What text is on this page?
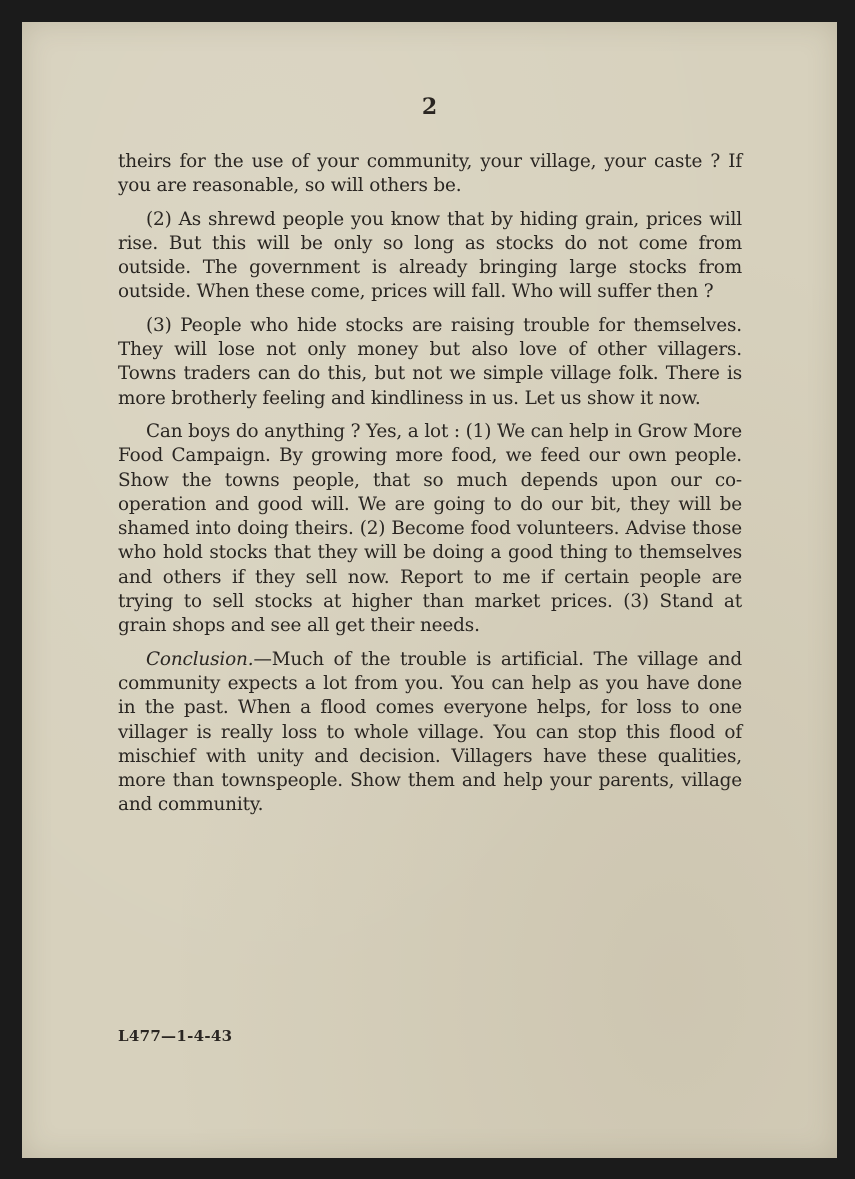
2

theirs for the use of your community, your village, your caste ? If you are reasonable, so will others be.

(2) As shrewd people you know that by hiding grain, prices will rise. But this will be only so long as stocks do not come from outside. The government is already bringing large stocks from outside. When these come, prices will fall. Who will suffer then ?

(3) People who hide stocks are raising trouble for themselves. They will lose not only money but also love of other villagers. Towns traders can do this, but not we simple village folk. There is more brotherly feeling and kindliness in us. Let us show it now.

Can boys do anything ? Yes, a lot : (1) We can help in Grow More Food Campaign. By growing more food, we feed our own people. Show the towns people, that so much depends upon our co-operation and good will. We are going to do our bit, they will be shamed into doing theirs. (2) Become food volunteers. Advise those who hold stocks that they will be doing a good thing to themselves and others if they sell now. Report to me if certain people are trying to sell stocks at higher than market prices. (3) Stand at grain shops and see all get their needs.

Conclusion.—Much of the trouble is artificial. The village and community expects a lot from you. You can help as you have done in the past. When a flood comes everyone helps, for loss to one villager is really loss to whole village. You can stop this flood of mischief with unity and decision. Villagers have these qualities, more than townspeople. Show them and help your parents, village and community.

L477—1-4-43
